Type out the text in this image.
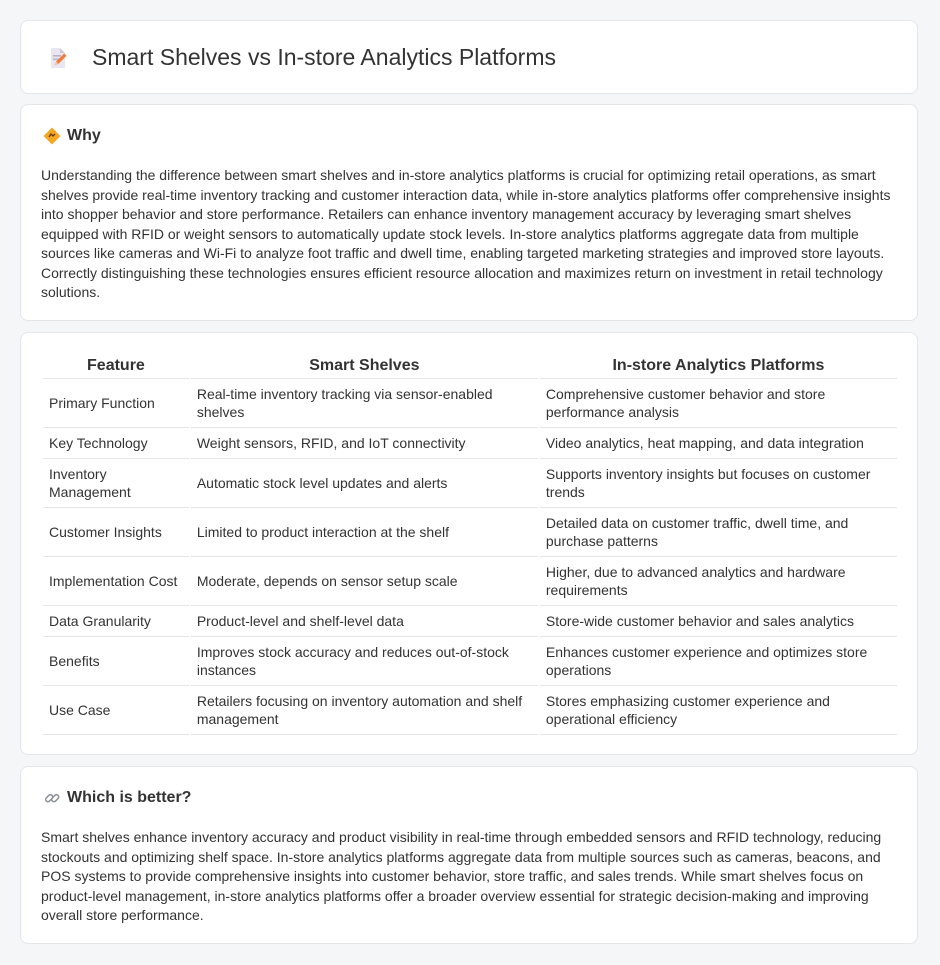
Smart Shelves vs In-store Analytics Platforms
Why

Understanding the difference between smart shelves and in-store analytics platforms is crucial for optimizing retail operations, as smart shelves provide real-time inventory tracking and customer interaction data, while in-store analytics platforms offer comprehensive insights into shopper behavior and store performance. Retailers can enhance inventory management accuracy by leveraging smart shelves equipped with RFID or weight sensors to automatically update stock levels. In-store analytics platforms aggregate data from multiple sources like cameras and Wi-Fi to analyze foot traffic and dwell time, enabling targeted marketing strategies and improved store layouts. Correctly distinguishing these technologies ensures efficient resource allocation and maximizes return on investment in retail technology solutions.

Feature	Smart Shelves	In-store Analytics Platforms
Primary Function	Real-time inventory tracking via sensor-enabled shelves	Comprehensive customer behavior and store performance analysis
Key Technology	Weight sensors, RFID, and IoT connectivity	Video analytics, heat mapping, and data integration
Inventory Management	Automatic stock level updates and alerts	Supports inventory insights but focuses on customer trends
Customer Insights	Limited to product interaction at the shelf	Detailed data on customer traffic, dwell time, and purchase patterns
Implementation Cost	Moderate, depends on sensor setup scale	Higher, due to advanced analytics and hardware requirements
Data Granularity	Product-level and shelf-level data	Store-wide customer behavior and sales analytics
Benefits	Improves stock accuracy and reduces out-of-stock instances	Enhances customer experience and optimizes store operations
Use Case	Retailers focusing on inventory automation and shelf management	Stores emphasizing customer experience and operational efficiency
Which is better?

Smart shelves enhance inventory accuracy and product visibility in real-time through embedded sensors and RFID technology, reducing stockouts and optimizing shelf space. In-store analytics platforms aggregate data from multiple sources such as cameras, beacons, and POS systems to provide comprehensive insights into customer behavior, store traffic, and sales trends. While smart shelves focus on product-level management, in-store analytics platforms offer a broader overview essential for strategic decision-making and improving overall store performance.
